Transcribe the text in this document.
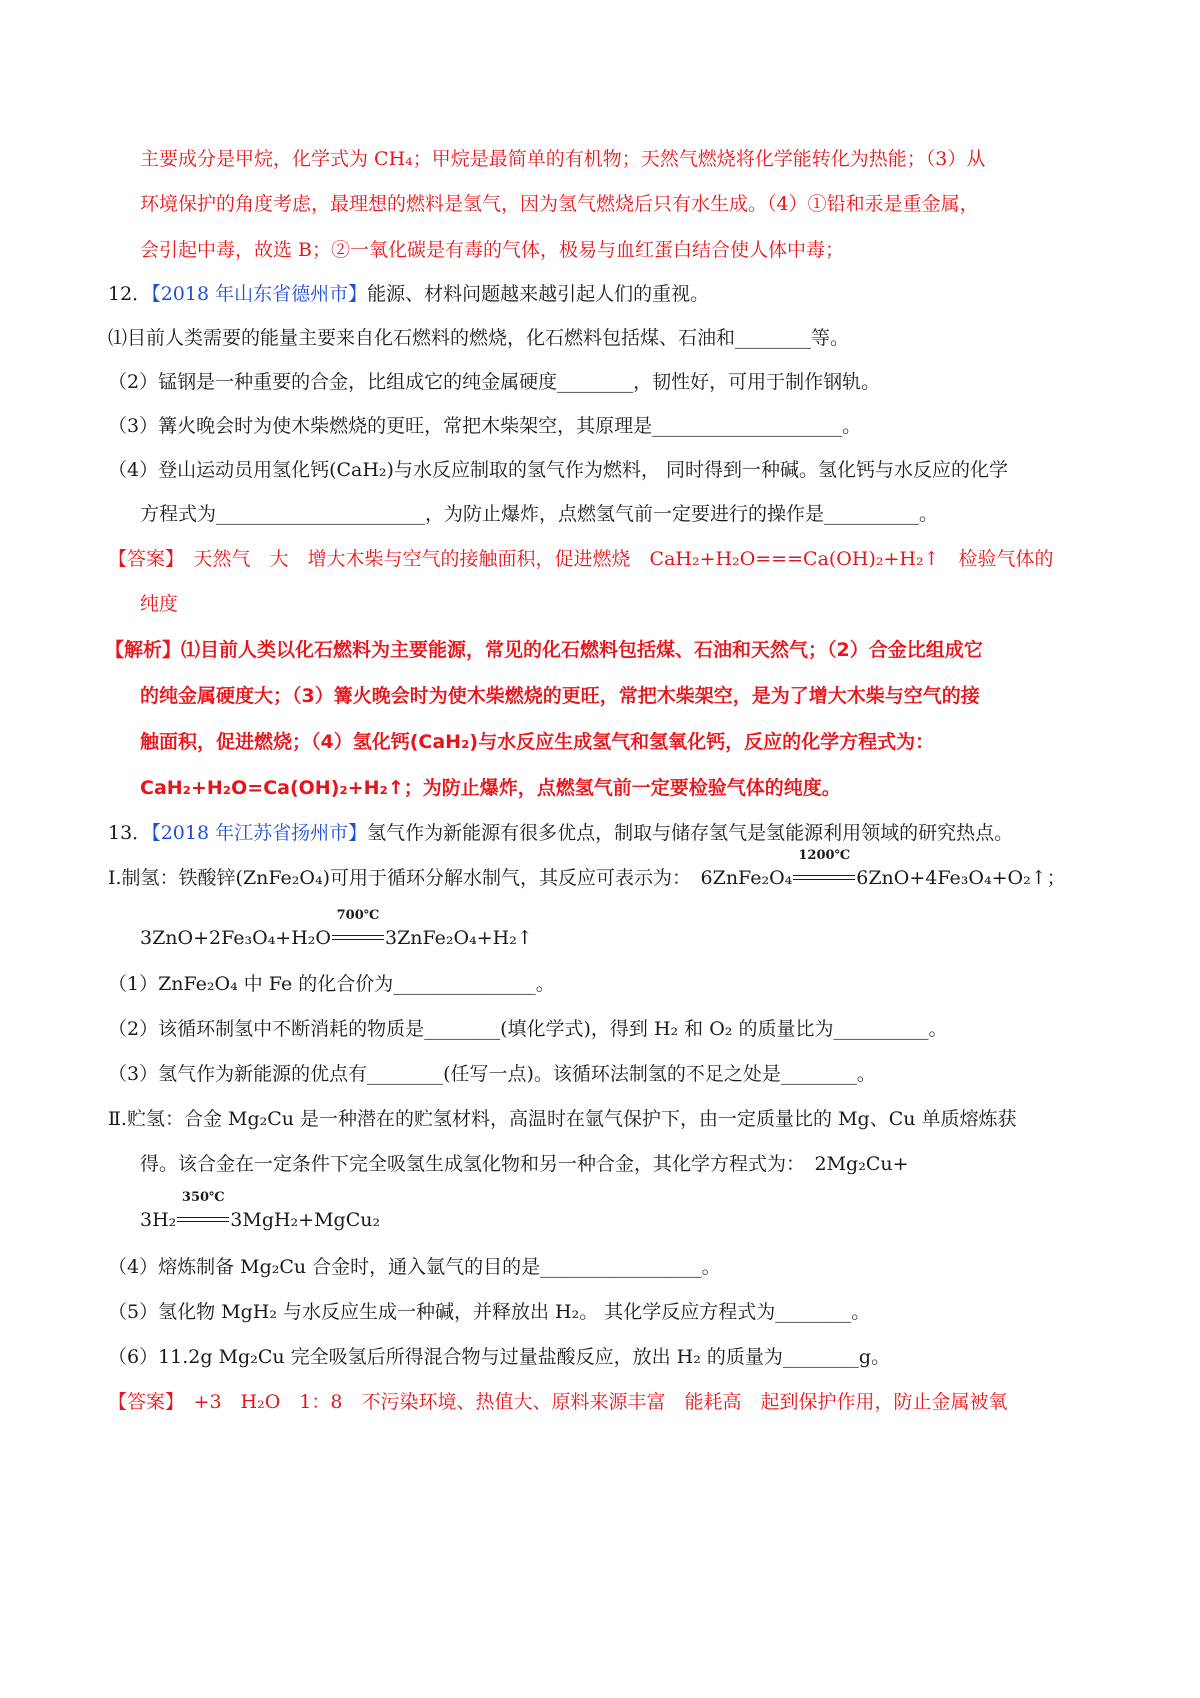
主要成分是甲烷，化学式为 CH₄；甲烷是最简单的有机物；天然气燃烧将化学能转化为热能；（3）从
环境保护的角度考虑，最理想的燃料是氢气，因为氢气燃烧后只有水生成。（4）①铅和汞是重金属，
会引起中毒，故选 B；②一氧化碳是有毒的气体，极易与血红蛋白结合使人体中毒；
12．【2018 年山东省德州市】能源、材料问题越来越引起人们的重视。
⑴目前人类需要的能量主要来自化石燃料的燃烧，化石燃料包括煤、石油和________等。
（2）锰钢是一种重要的合金，比组成它的纯金属硬度________，韧性好，可用于制作钢轨。
（3）篝火晚会时为使木柴燃烧的更旺，常把木柴架空，其原理是____________________。
（4）登山运动员用氢化钙(CaH₂)与水反应制取的氢气作为燃料， 同时得到一种碱。氢化钙与水反应的化学
方程式为______________________，为防止爆炸，点燃氢气前一定要进行的操作是__________。
【答案】　 天然气　大　增大木柴与空气的接触面积，促进燃烧　CaH₂+H₂O===Ca(OH)₂+H₂↑　检验气体的
纯度
【解析】⑴目前人类以化石燃料为主要能源，常见的化石燃料包括煤、石油和天然气；（2）合金比组成它
的纯金属硬度大；（3）篝火晚会时为使木柴燃烧的更旺，常把木柴架空，是为了增大木柴与空气的接
触面积，促进燃烧；（4）氢化钙(CaH₂)与水反应生成氢气和氢氧化钙，反应的化学方程式为：
CaH₂+H₂O=Ca(OH)₂+H₂↑；为防止爆炸，点燃氢气前一定要检验气体的纯度。
13．【2018 年江苏省扬州市】氢气作为新能源有很多优点，制取与储存氢气是氢能源利用领域的研究热点。
I.制氢：铁酸锌(ZnFe₂O₄)可用于循环分解水制气，其反应可表示为：　 6ZnFe₂O₄
1200℃
6ZnO+4Fe₃O₄+O₂↑；
3ZnO+2Fe₃O₄+H₂O
700℃
3ZnFe₂O₄+H₂↑
（1）ZnFe₂O₄ 中 Fe 的化合价为_______________。
（2）该循环制氢中不断消耗的物质是________(填化学式)，得到 H₂ 和 O₂ 的质量比为__________。
（3）氢气作为新能源的优点有________(任写一点)。该循环法制氢的不足之处是________。
Ⅱ.贮氢：合金 Mg₂Cu 是一种潜在的贮氢材料，高温时在氩气保护下，由一定质量比的 Mg、Cu 单质熔炼获
得。该合金在一定条件下完全吸氢生成氢化物和另一种合金，其化学方程式为：　2Mg₂Cu+
3H₂
350℃
3MgH₂+MgCu₂
（4）熔炼制备 Mg₂Cu 合金时，通入氩气的目的是_________________。
（5）氢化物 MgH₂ 与水反应生成一种碱，并释放出 H₂。 其化学反应方程式为________。
（6）11.2g Mg₂Cu 完全吸氢后所得混合物与过量盐酸反应，放出 H₂ 的质量为________g。
【答案】　 +3　H₂O　1：8　不污染环境、热值大、原料来源丰富　能耗高　起到保护作用，防止金属被氧
